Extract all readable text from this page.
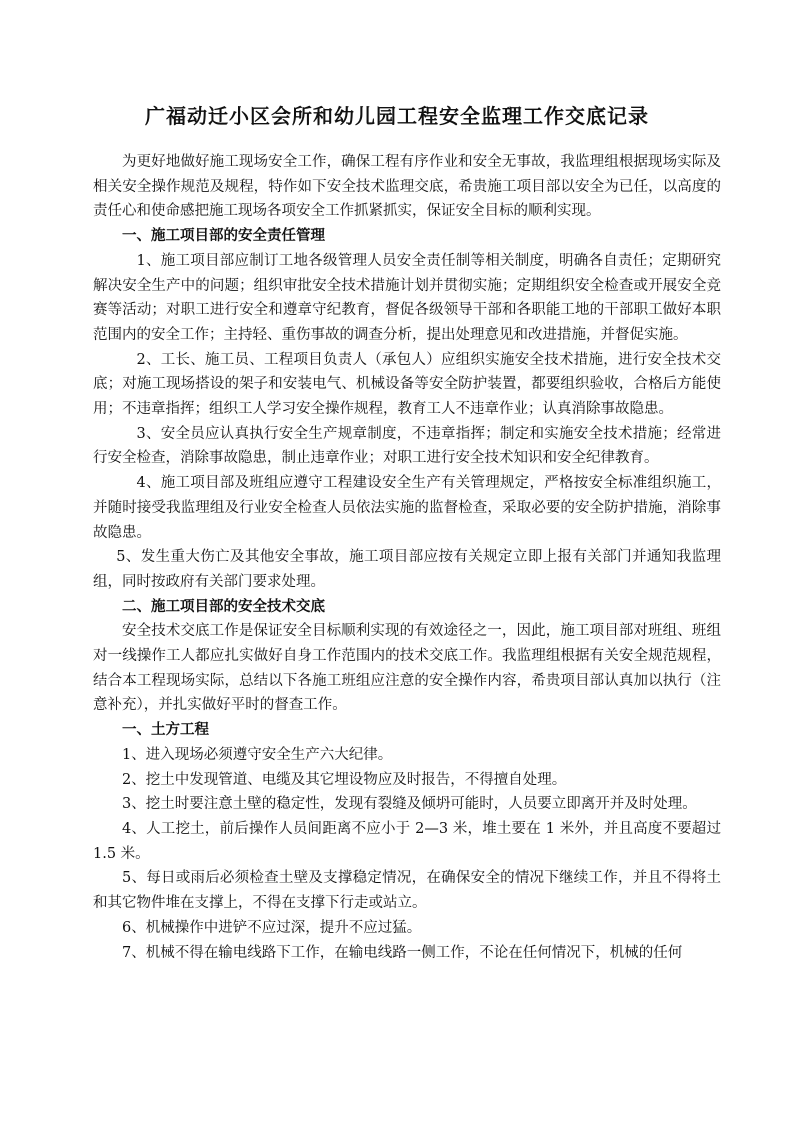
广福动迁小区会所和幼儿园工程安全监理工作交底记录

为更好地做好施工现场安全工作，确保工程有序作业和安全无事故，我监理组根据现场实际及相关安全操作规范及规程，特作如下安全技术监理交底，希贵施工项目部以安全为已任，以高度的责任心和使命感把施工现场各项安全工作抓紧抓实，保证安全目标的顺利实现。

一、施工项目部的安全责任管理

1、施工项目部应制订工地各级管理人员安全责任制等相关制度，明确各自责任；定期研究解决安全生产中的问题；组织审批安全技术措施计划并贯彻实施；定期组织安全检查或开展安全竞赛等活动；对职工进行安全和遵章守纪教育，督促各级领导干部和各职能工地的干部职工做好本职范围内的安全工作；主持轻、重伤事故的调查分析，提出处理意见和改进措施，并督促实施。

2、工长、施工员、工程项目负责人（承包人）应组织实施安全技术措施，进行安全技术交底；对施工现场搭设的架子和安装电气、机械设备等安全防护装置，都要组织验收，合格后方能使用；不违章指挥；组织工人学习安全操作规程，教育工人不违章作业；认真消除事故隐患。

3、安全员应认真执行安全生产规章制度，不违章指挥；制定和实施安全技术措施；经常进行安全检查，消除事故隐患，制止违章作业；对职工进行安全技术知识和安全纪律教育。

4、施工项目部及班组应遵守工程建设安全生产有关管理规定，严格按安全标准组织施工，并随时接受我监理组及行业安全检查人员依法实施的监督检查，采取必要的安全防护措施，消除事故隐患。

5、发生重大伤亡及其他安全事故，施工项目部应按有关规定立即上报有关部门并通知我监理组，同时按政府有关部门要求处理。

二、施工项目部的安全技术交底

安全技术交底工作是保证安全目标顺利实现的有效途径之一，因此，施工项目部对班组、班组对一线操作工人都应扎实做好自身工作范围内的技术交底工作。我监理组根据有关安全规范规程，结合本工程现场实际，总结以下各施工班组应注意的安全操作内容，希贵项目部认真加以执行（注意补充），并扎实做好平时的督查工作。

一、土方工程

1、进入现场必须遵守安全生产六大纪律。

2、挖土中发现管道、电缆及其它埋设物应及时报告，不得擅自处理。

3、挖土时要注意土壁的稳定性，发现有裂缝及倾坍可能时，人员要立即离开并及时处理。

4、人工挖土，前后操作人员间距离不应小于 2—3 米，堆土要在 1 米外，并且高度不要超过 1.5 米。

5、每日或雨后必须检查土壁及支撑稳定情况，在确保安全的情况下继续工作，并且不得将土和其它物件堆在支撑上，不得在支撑下行走或站立。

6、机械操作中进铲不应过深，提升不应过猛。

7、机械不得在输电线路下工作，在输电线路一侧工作，不论在任何情况下，机械的任何
